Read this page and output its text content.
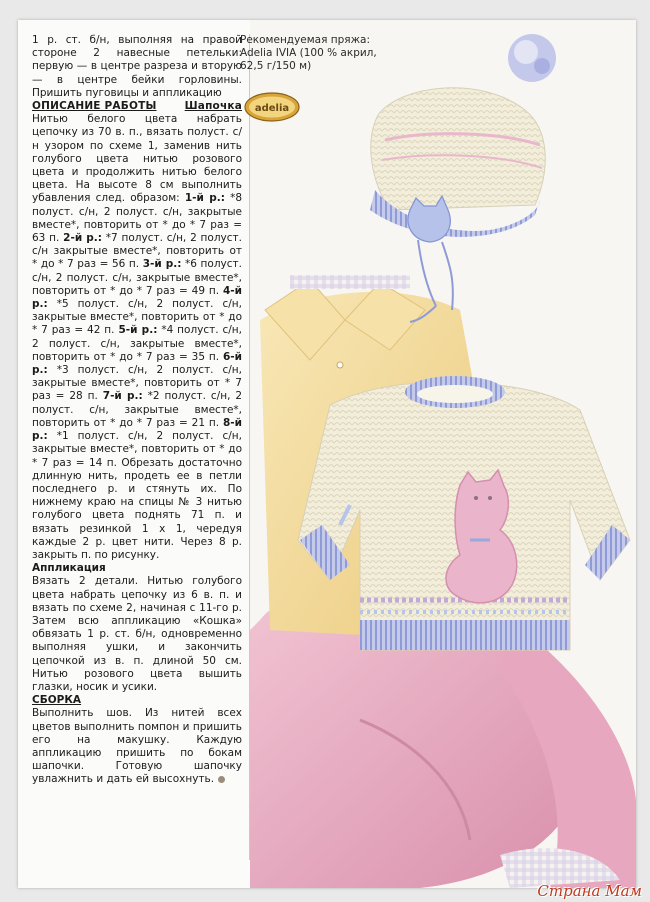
1 р. ст. б/н, выполняя на правой стороне 2 навесные петельки: первую — в центре разреза и вторую — в центре бейки горловины. Пришить пуговицы и аппликацию

ОПИСАНИЕ РАБОТЫ	Шапочка

Нитью белого цвета набрать цепочку из 70 в. п., вязать полуст. с/н узором по схеме 1, заменив нить голубого цвета нитью розового цвета и продолжить нитью белого цвета. На высоте 8 см выполнить убавления след. образом: 1-й р.: *8 полуст. с/н, 2 полуст. с/н, закрытые вместе*, повторить от * до * 7 раз = 63 п. 2-й р.: *7 полуст. с/н, 2 полуст. с/н закрытые вместе*, повторить от * до * 7 раз = 56 п. 3-й р.: *6 полуст. с/н, 2 полуст. с/н, закрытые вместе*, повторить от * до * 7 раз = 49 п. 4-й р.: *5 полуст. с/н, 2 полуст. с/н, закрытые вместе*, повторить от * до * 7 раз = 42 п. 5-й р.: *4 полуст. с/н, 2 полуст. с/н, закрытые вместе*, повторить от * до * 7 раз = 35 п. 6-й р.: *3 полуст. с/н, 2 полуст. с/н, закрытые вместе*, повторить от * 7 раз = 28 п. 7-й р.: *2 полуст. с/н, 2 полуст. с/н, закрытые вместе*, повторить от * до * 7 раз = 21 п. 8-й р.: *1 полуст. с/н, 2 полуст. с/н, закрытые вместе*, повторить от * до * 7 раз = 14 п. Обрезать достаточно длинную нить, продеть ее в петли последнего р. и стянуть их. По нижнему краю на спицы № 3 нитью голубого цвета поднять 71 п. и вязать резинкой 1 х 1, чередуя каждые 2 р. цвет нити. Через 8 р. закрыть п. по рисунку.

Аппликация

Вязать 2 детали. Нитью голубого цвета набрать цепочку из 6 в. п. и вязать по схеме 2, начиная с 11-го р. Затем всю аппликацию «Кошка» обвязать 1 р. ст. б/н, одновременно выполняя ушки, и закончить цепочкой из в. п. длиной 50 см. Нитью розового цвета вышить глазки, носик и усики.

СБОРКА

Выполнить шов. Из нитей всех цветов выполнить помпон и пришить его на макушку. Каждую аппликацию пришить по бокам шапочки. Готовую шапочку увлажнить и дать ей высохнуть.

Рекомендуемая пряжа:
Adelia IVIA (100 % акрил, 62,5 г/150 м)
adelia
Страна Мам
